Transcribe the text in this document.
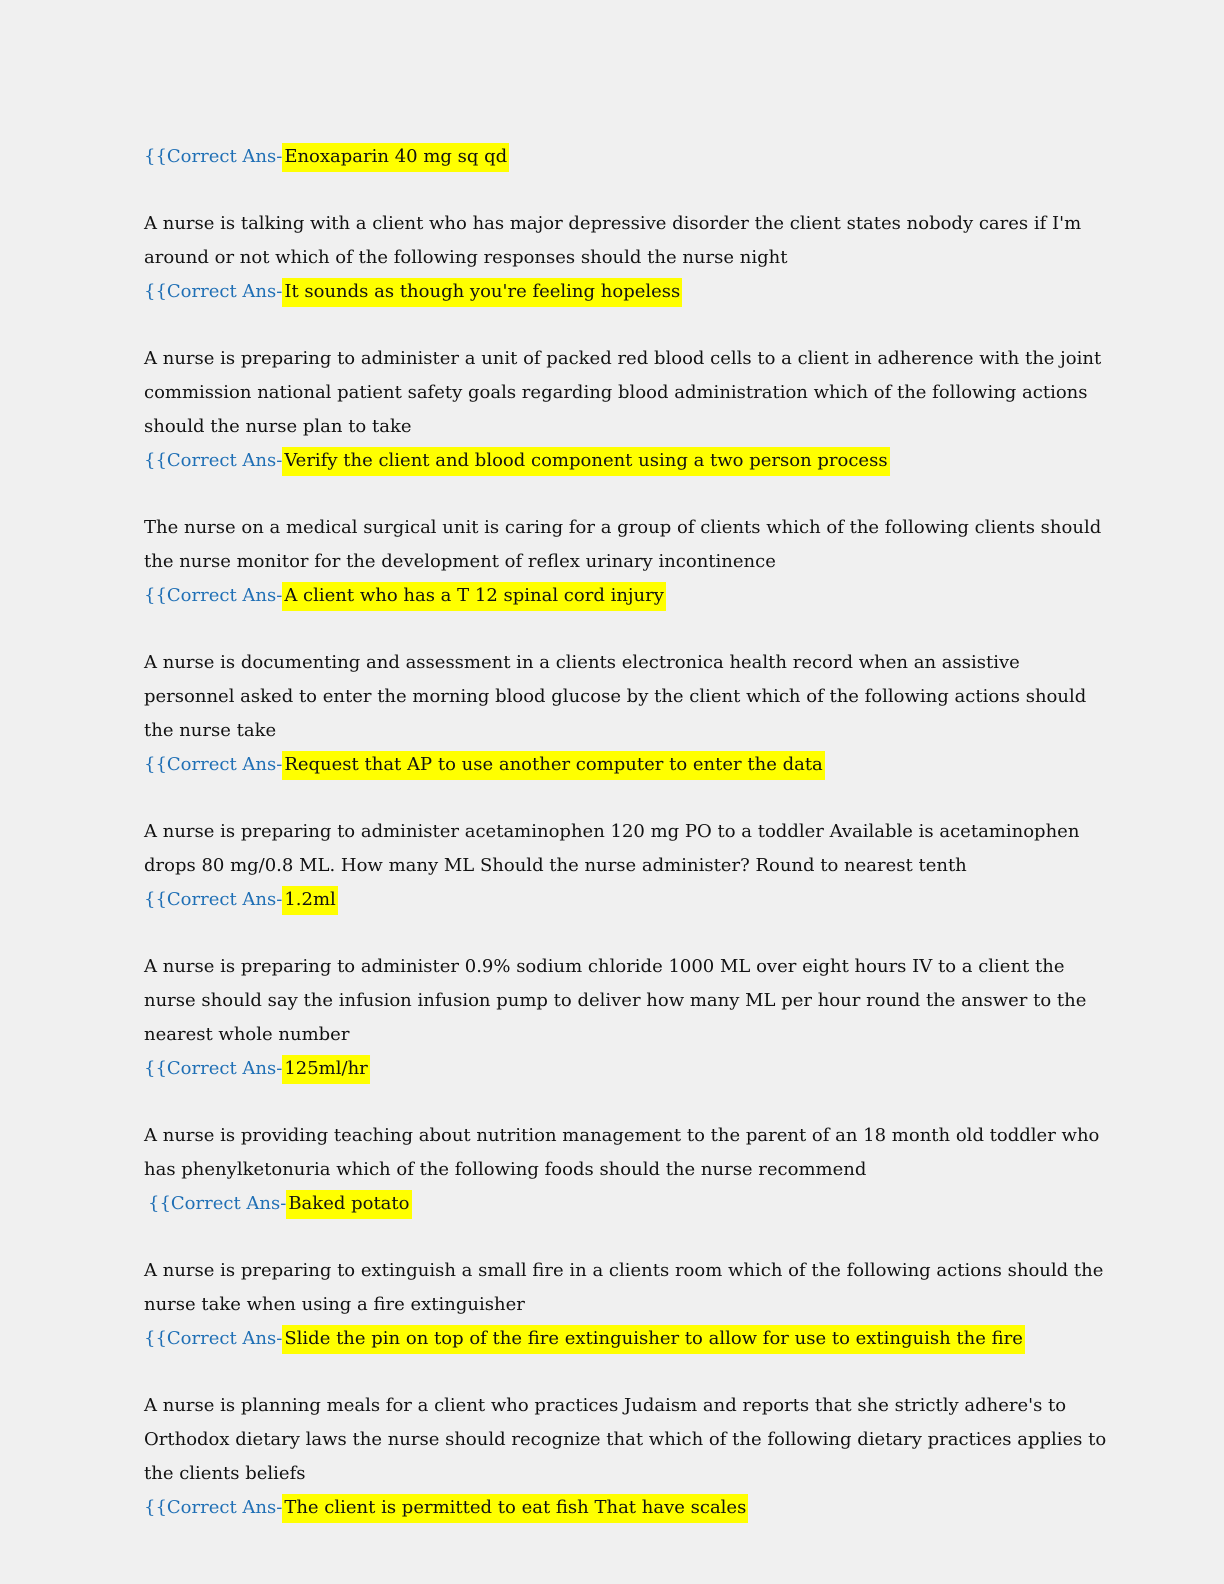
{{Correct Ans- Enoxaparin 40 mg sq qd
A nurse is talking with a client who has major depressive disorder the client states nobody cares if I'm around or not which of the following responses should the nurse night
{{Correct Ans- It sounds as though you're feeling hopeless
A nurse is preparing to administer a unit of packed red blood cells to a client in adherence with the joint commission national patient safety goals regarding blood administration which of the following actions should the nurse plan to take
{{Correct Ans- Verify the client and blood component using a two person process
The nurse on a medical surgical unit is caring for a group of clients which of the following clients should the nurse monitor for the development of reflex urinary incontinence
{{Correct Ans- A client who has a T 12 spinal cord injury
A nurse is documenting and assessment in a clients electronica health record when an assistive personnel asked to enter the morning blood glucose by the client which of the following actions should the nurse take
{{Correct Ans- Request that AP to use another computer to enter the data
A nurse is preparing to administer acetaminophen 120 mg PO to a toddler Available is acetaminophen drops 80 mg/0.8 ML. How many ML Should the nurse administer? Round to nearest tenth
{{Correct Ans- 1.2ml
A nurse is preparing to administer 0.9% sodium chloride 1000 ML over eight hours IV to a client the nurse should say the infusion infusion pump to deliver how many ML per hour round the answer to the nearest whole number
{{Correct Ans- 125ml/hr
A nurse is providing teaching about nutrition management to the parent of an 18 month old toddler who has phenylketonuria which of the following foods should the nurse recommend
{{Correct Ans- Baked potato
A nurse is preparing to extinguish a small fire in a clients room which of the following actions should the nurse take when using a fire extinguisher
{{Correct Ans- Slide the pin on top of the fire extinguisher to allow for use to extinguish the fire
A nurse is planning meals for a client who practices Judaism and reports that she strictly adhere's to Orthodox dietary laws the nurse should recognize that which of the following dietary practices applies to the clients beliefs
{{Correct Ans- The client is permitted to eat fish That have scales
